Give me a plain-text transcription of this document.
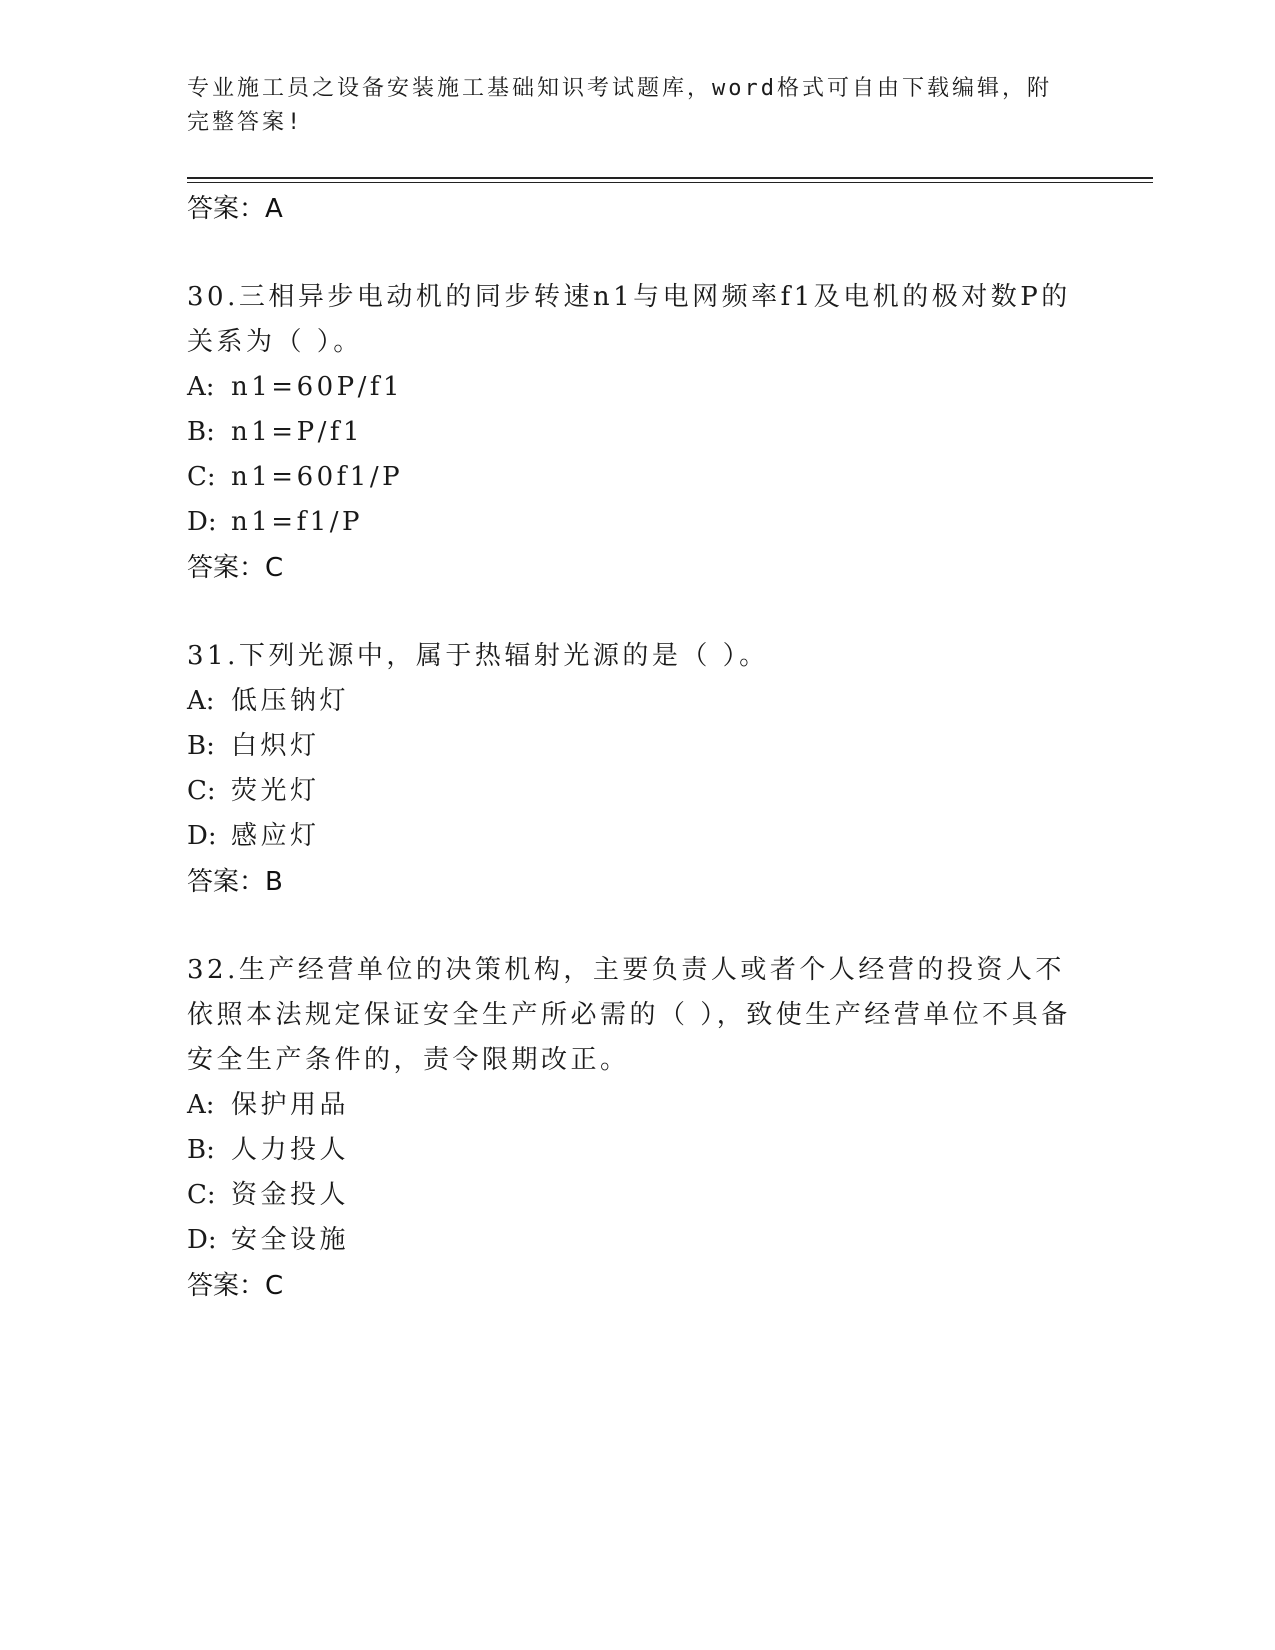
专业施工员之设备安装施工基础知识考试题库，word格式可自由下载编辑，附完整答案!
答案：A
30.三相异步电动机的同步转速n1与电网频率f1及电机的极对数P的关系为（ ）。
A: n1=60P/f1
B: n1=P/f1
C: n1=60f1/P
D: n1=f1/P
答案：C
31.下列光源中，属于热辐射光源的是（ ）。
A: 低压钠灯
B: 白炽灯
C: 荧光灯
D: 感应灯
答案：B
32.生产经营单位的决策机构，主要负责人或者个人经营的投资人不依照本法规定保证安全生产所必需的（ ），致使生产经营单位不具备安全生产条件的，责令限期改正。
A: 保护用品
B: 人力投人
C: 资金投人
D: 安全设施
答案：C
